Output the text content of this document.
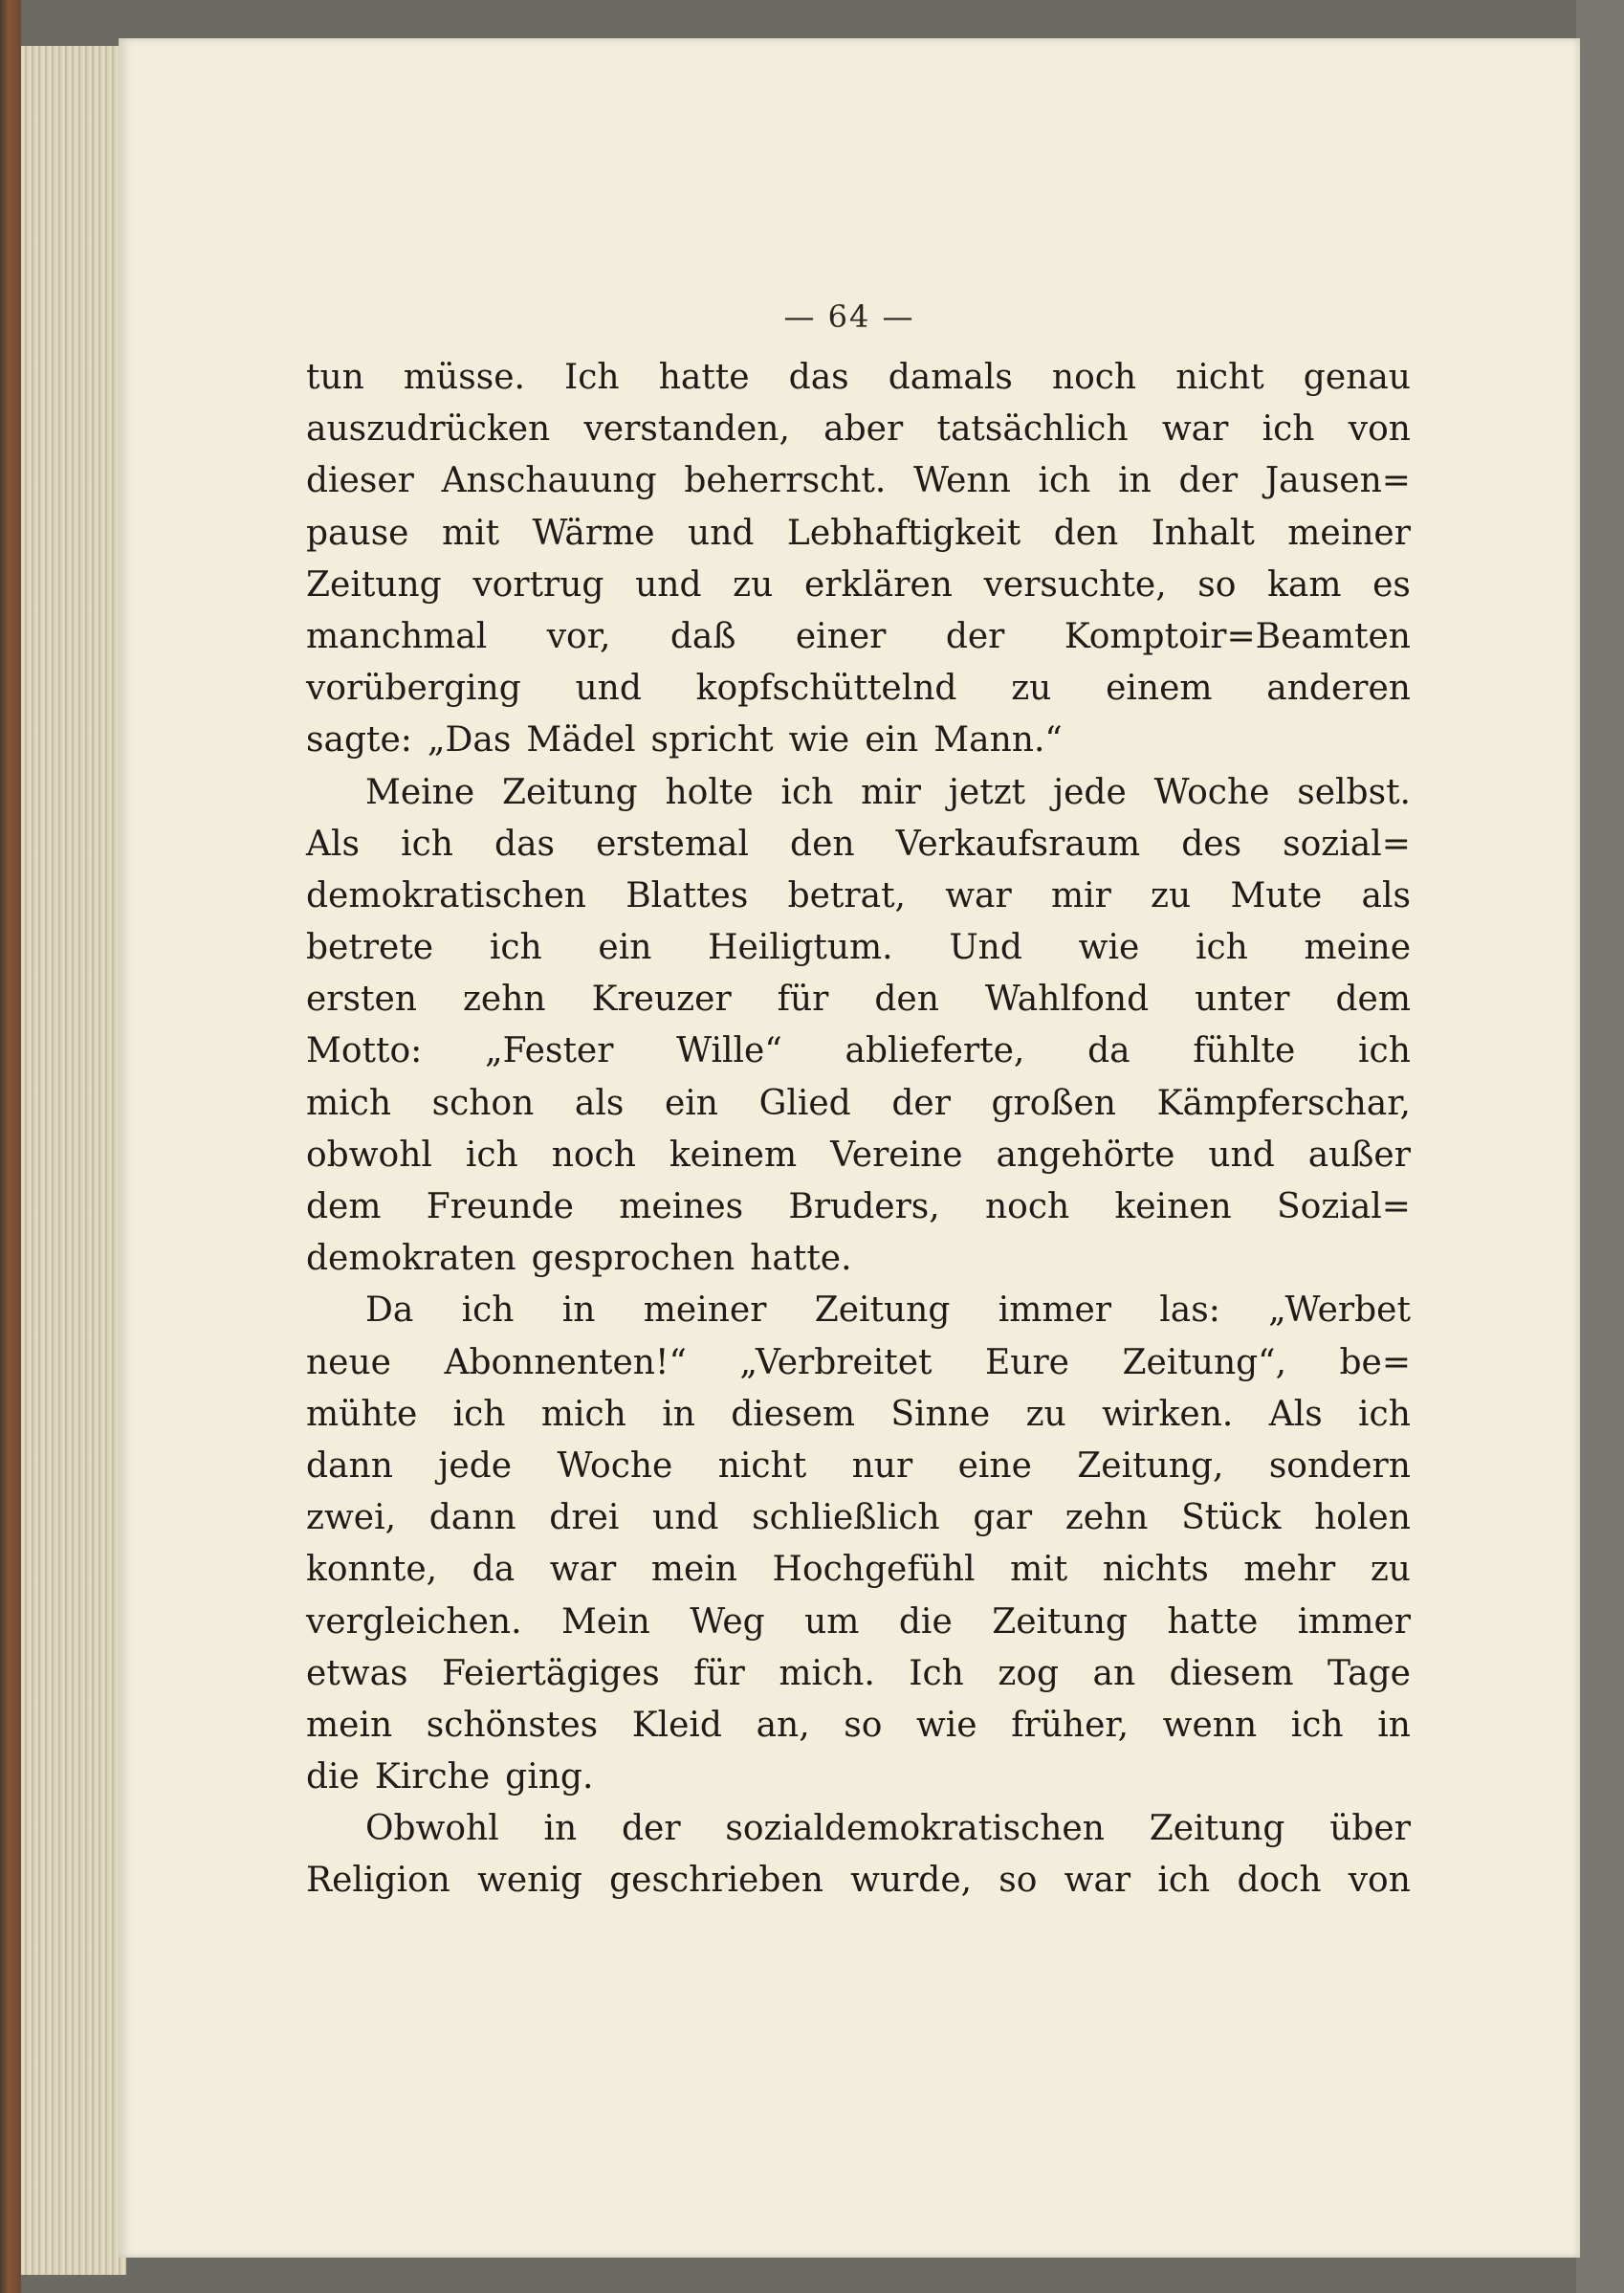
— 64 —
tun müsse. Ich hatte das damals noch nicht genau
auszudrücken verstanden, aber tatsächlich war ich von
dieser Anschauung beherrscht. Wenn ich in der Jausen=
pause mit Wärme und Lebhaftigkeit den Inhalt meiner
Zeitung vortrug und zu erklären versuchte, so kam es
manchmal vor, daß einer der Komptoir=Beamten
vorüberging und kopfschüttelnd zu einem anderen
sagte: „Das Mädel spricht wie ein Mann.“
Meine Zeitung holte ich mir jetzt jede Woche selbst.
Als ich das erstemal den Verkaufsraum des sozial=
demokratischen Blattes betrat, war mir zu Mute als
betrete ich ein Heiligtum. Und wie ich meine
ersten zehn Kreuzer für den Wahlfond unter dem
Motto: „Fester Wille“ ablieferte, da fühlte ich
mich schon als ein Glied der großen Kämpferschar,
obwohl ich noch keinem Vereine angehörte und außer
dem Freunde meines Bruders, noch keinen Sozial=
demokraten gesprochen hatte.
Da ich in meiner Zeitung immer las: „Werbet
neue Abonnenten!“ „Verbreitet Eure Zeitung“, be=
mühte ich mich in diesem Sinne zu wirken. Als ich
dann jede Woche nicht nur eine Zeitung, sondern
zwei, dann drei und schließlich gar zehn Stück holen
konnte, da war mein Hochgefühl mit nichts mehr zu
vergleichen. Mein Weg um die Zeitung hatte immer
etwas Feiertägiges für mich. Ich zog an diesem Tage
mein schönstes Kleid an, so wie früher, wenn ich in
die Kirche ging.
Obwohl in der sozialdemokratischen Zeitung über
Religion wenig geschrieben wurde, so war ich doch von
